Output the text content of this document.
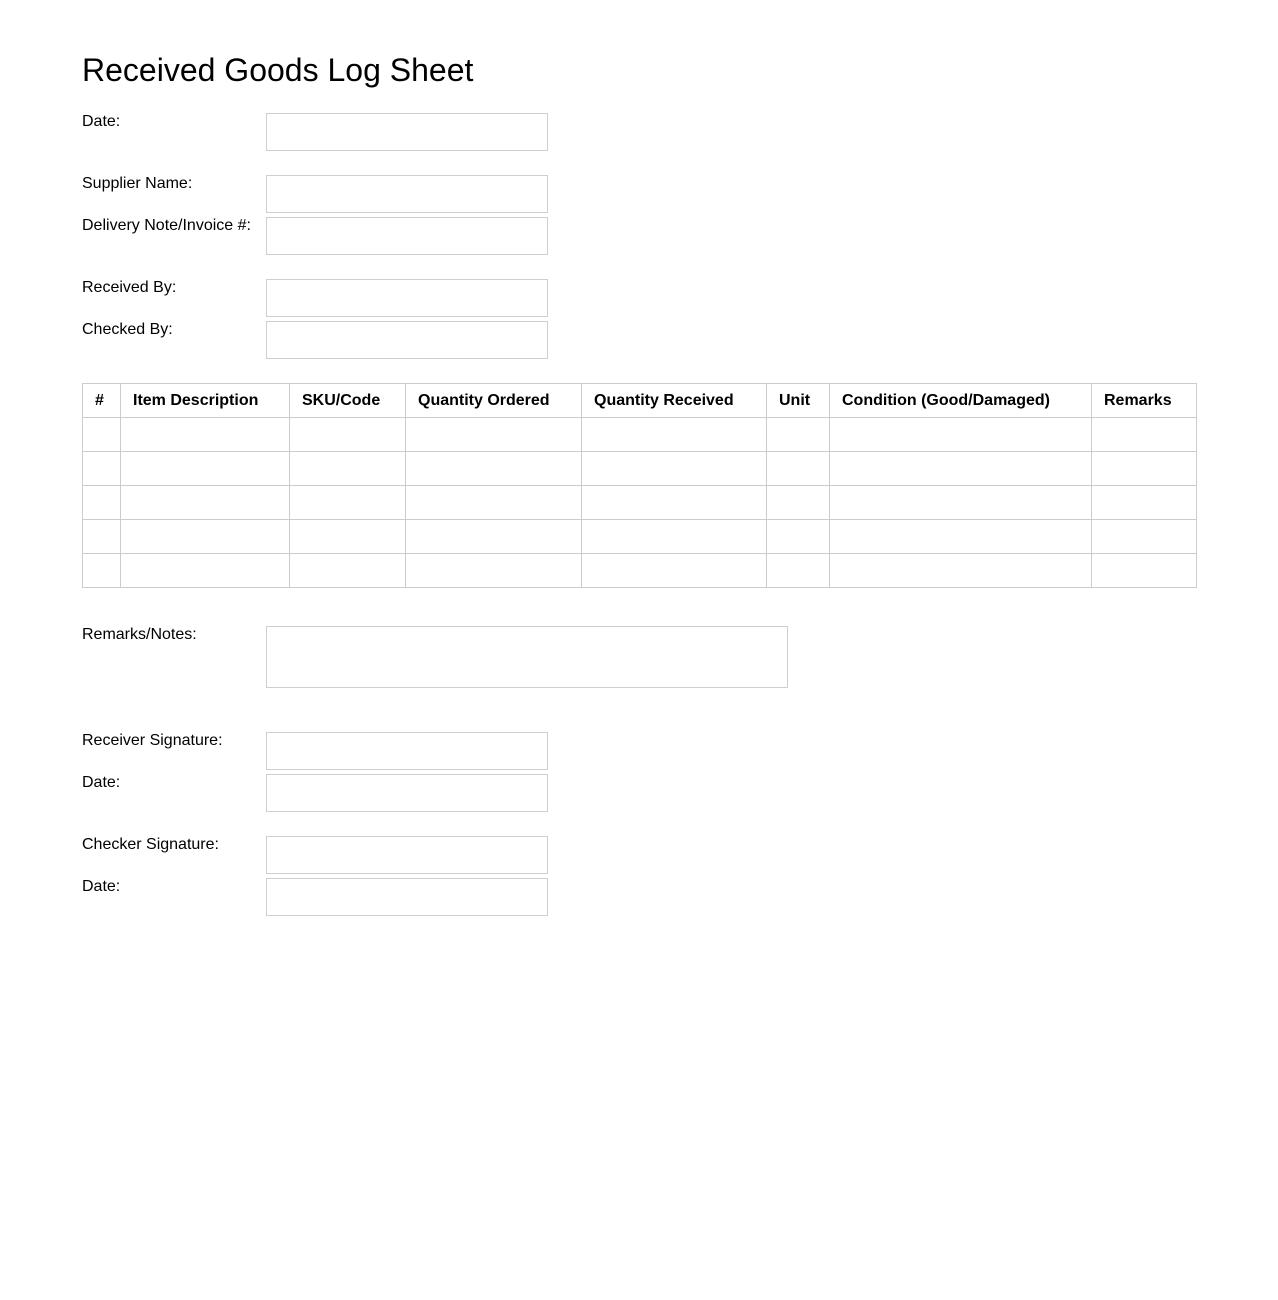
Received Goods Log Sheet
Date:
Supplier Name:
Delivery Note/Invoice #:
Received By:
Checked By:
#	Item Description	SKU/Code	Quantity Ordered	Quantity Received	Unit	Condition (Good/Damaged)	Remarks

Remarks/Notes:
Receiver Signature:
Date:
Checker Signature:
Date:
